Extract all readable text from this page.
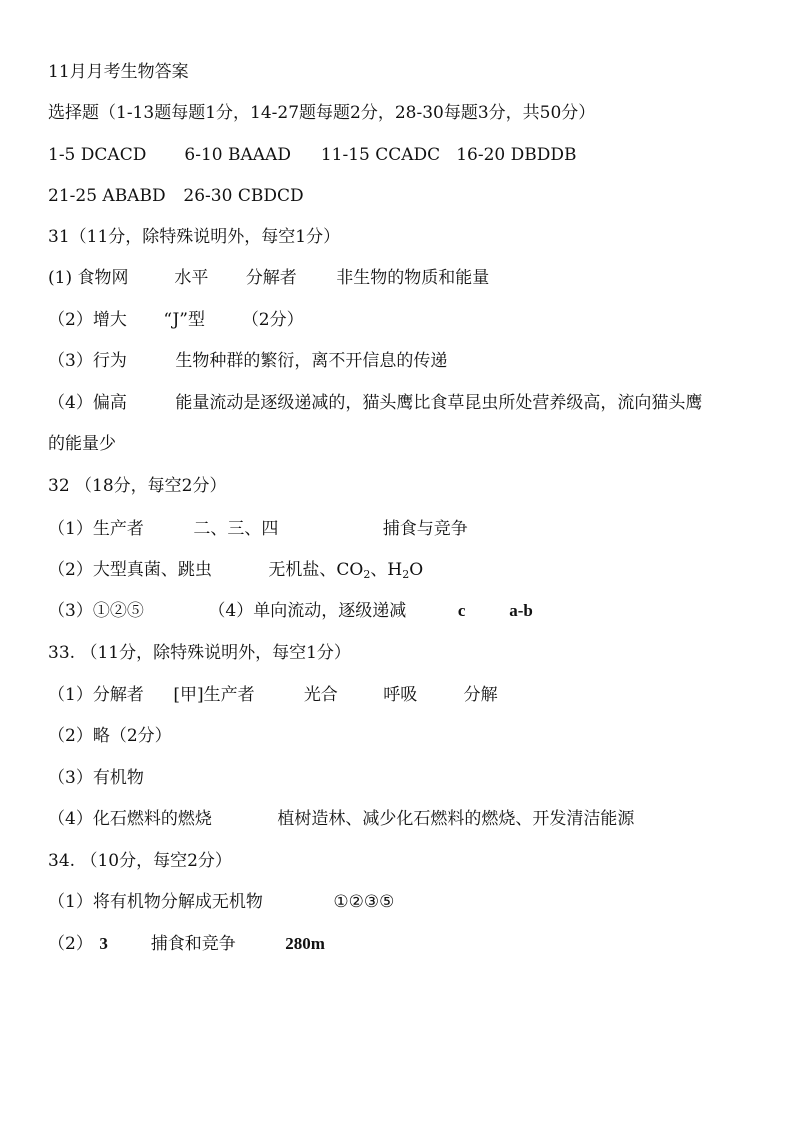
11月月考生物答案
选择题（1-13题每题1分，14-27题每题2分，28-30每题3分，共50分）
1-5 DCACD 6-10 BAAAD 11-15 CCADC 16-20 DBDDB
21-25 ABABD 26-30 CBDCD
31（11分，除特殊说明外，每空1分）
(1) 食物网	水平 分解者 非生物的物质和能量
（2）增大 “J”型 （2分）
（3）行为	生物种群的繁衍，离不开信息的传递
（4）偏高	能量流动是逐级递减的，猫头鹰比食草昆虫所处营养级高，流向猫头鹰
的能量少
32 （18分，每空2分）
（1）生产者	二、三、四	捕食与竞争
（2）大型真菌、跳虫	无机盐、$CO_2$、$H_2O$
（3）①②⑤	（4）单向流动，逐级递减	c	a-b
33. （11分，除特殊说明外，每空1分）
（1）分解者 [甲]生产者	光合	呼吸	分解
（2）略（2分）
（3）有机物
（4）化石燃料的燃烧	植树造林、减少化石燃料的燃烧、开发清洁能源
34. （10分，每空2分）
（1）将有机物分解成无机物	①②③⑤
（2） 3	捕食和竞争	280m
